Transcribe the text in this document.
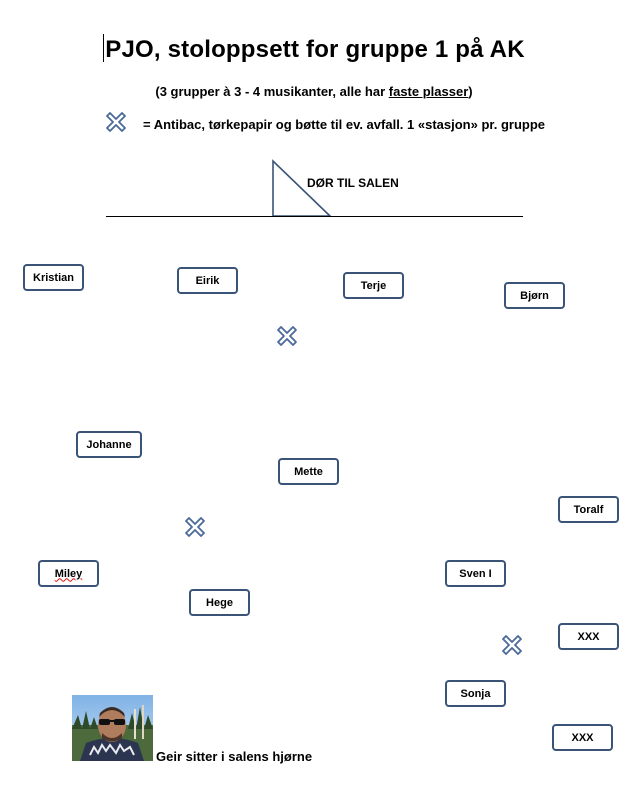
PJO, stoloppsett for gruppe 1 på AK
(3 grupper à 3 - 4 musikanter, alle har faste plasser)
= Antibac, tørkepapir og bøtte til ev. avfall. 1 «stasjon» pr. gruppe
DØR TIL SALEN
Kristian	Eirik	Terje
Bjørn
Johanne
Mette
Toralf
Miley	Sven I
Hege
XXX
Sonja
XXX
Geir sitter i salens hjørne
